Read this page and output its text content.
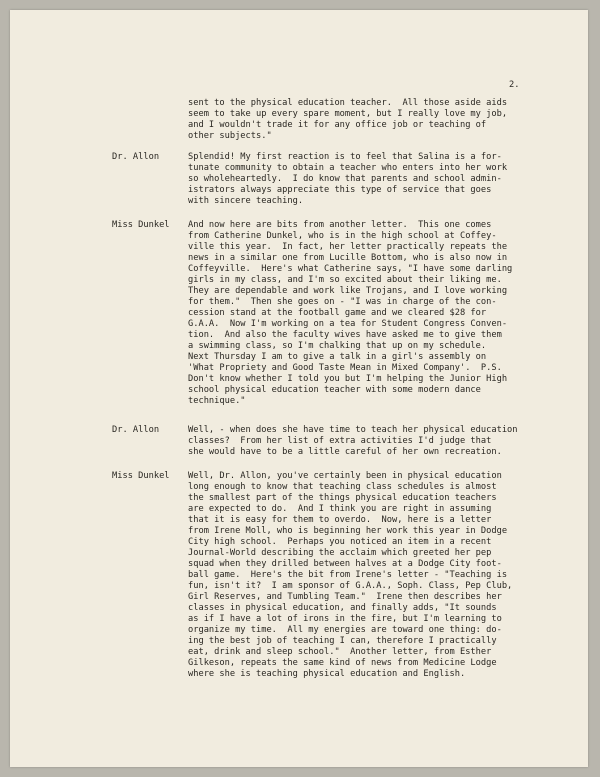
2.
sent to the physical education teacher.  All those aside aids
seem to take up every spare moment, but I really love my job,
and I wouldn't trade it for any office job or teaching of
other subjects."
Dr. Allon	Splendid! My first reaction is to feel that Salina is a for-
tunate community to obtain a teacher who enters into her work
so wholeheartedly.  I do know that parents and school admin-
istrators always appreciate this type of service that goes
with sincere teaching.
Miss Dunkel And now here are bits from another letter.  This one comes
from Catherine Dunkel, who is in the high school at Coffey-
ville this year.  In fact, her letter practically repeats the
news in a similar one from Lucille Bottom, who is also now in
Coffeyville.  Here's what Catherine says, "I have some darling
girls in my class, and I'm so excited about their liking me.
They are dependable and work like Trojans, and I love working
for them."  Then she goes on - "I was in charge of the con-
cession stand at the football game and we cleared $28 for
G.A.A.  Now I'm working on a tea for Student Congress Conven-
tion.  And also the faculty wives have asked me to give them
a swimming class, so I'm chalking that up on my schedule.
Next Thursday I am to give a talk in a girl's assembly on
'What Propriety and Good Taste Mean in Mixed Company'.  P.S.
Don't know whether I told you but I'm helping the Junior High
school physical education teacher with some modern dance
technique."
Dr. Allon	Well, - when does she have time to teach her physical education
classes?  From her list of extra activities I'd judge that
she would have to be a little careful of her own recreation.
Miss Dunkel Well, Dr. Allon, you've certainly been in physical education
long enough to know that teaching class schedules is almost
the smallest part of the things physical education teachers
are expected to do.  And I think you are right in assuming
that it is easy for them to overdo.  Now, here is a letter
from Irene Moll, who is beginning her work this year in Dodge
City high school.  Perhaps you noticed an item in a recent
Journal-World describing the acclaim which greeted her pep
squad when they drilled between halves at a Dodge City foot-
ball game.  Here's the bit from Irene's letter - "Teaching is
fun, isn't it?  I am sponsor of G.A.A., Soph. Class, Pep Club,
Girl Reserves, and Tumbling Team."  Irene then describes her
classes in physical education, and finally adds, "It sounds
as if I have a lot of irons in the fire, but I'm learning to
organize my time.  All my energies are toward one thing: do-
ing the best job of teaching I can, therefore I practically
eat, drink and sleep school."  Another letter, from Esther
Gilkeson, repeats the same kind of news from Medicine Lodge
where she is teaching physical education and English.
